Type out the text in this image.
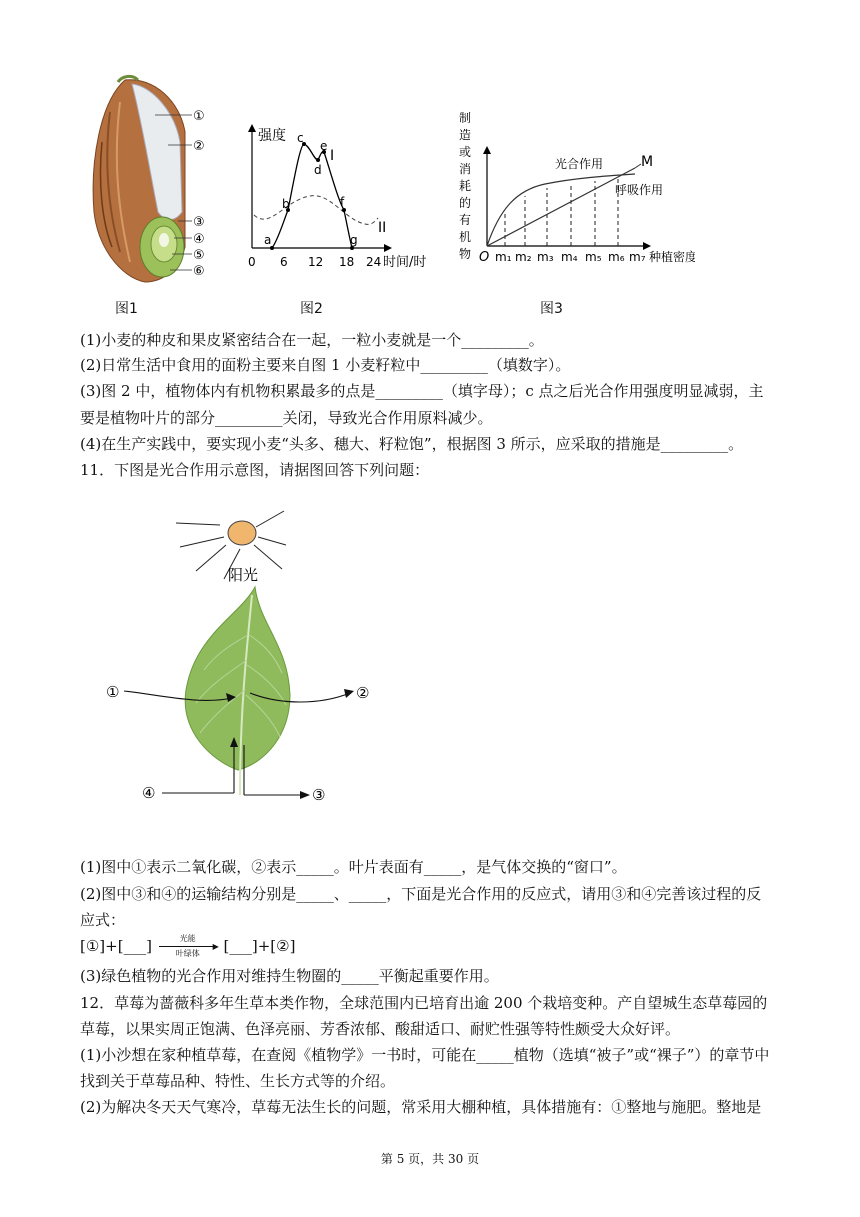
①
②
③
④
⑤
⑥
图1
a
b
c
d
e
f
g
I
II
强度
时间/时
0 6 12 18 24
图2
制
造
或
消
耗
的
有
机
物
光合作用
呼吸作用
M
O m₁ m₂ m₃ m₄ m₅ m₆ m₇ 种植密度
图3
(1)小麦的种皮和果皮紧密结合在一起，一粒小麦就是一个_________。
(2)日常生活中食用的面粉主要来自图 1 小麦籽粒中_________（填数字）。
(3)图 2 中，植物体内有机物积累最多的点是_________（填字母）；c 点之后光合作用强度明显减弱，主
要是植物叶片的部分_________关闭，导致光合作用原料减少。
(4)在生产实践中，要实现小麦“头多、穗大、籽粒饱”，根据图 3 所示，应采取的措施是_________。
11．下图是光合作用示意图，请据图回答下列问题：
阳光
①	②
③
④
(1)图中①表示二氧化碳，②表示_____。叶片表面有_____，是气体交换的“窗口”。
(2)图中③和④的运输结构分别是_____、_____，下面是光合作用的反应式，请用③和④完善该过程的反
应式：
[①]+[___]	光能
▶
叶绿体	[___]+[②]
(3)绿色植物的光合作用对维持生物圈的_____平衡起重要作用。
12．草莓为蔷薇科多年生草本类作物，全球范围内已培育出逾 200 个栽培变种。产自望城生态草莓园的
草莓，以果实周正饱满、色泽亮丽、芳香浓郁、酸甜适口、耐贮性强等特性颇受大众好评。
(1)小沙想在家种植草莓，在查阅《植物学》一书时，可能在_____植物（选填“被子”或“裸子”）的章节中
找到关于草莓品种、特性、生长方式等的介绍。
(2)为解决冬天天气寒冷，草莓无法生长的问题，常采用大棚种植，具体措施有：①整地与施肥。整地是
第 5 页，共 30 页
